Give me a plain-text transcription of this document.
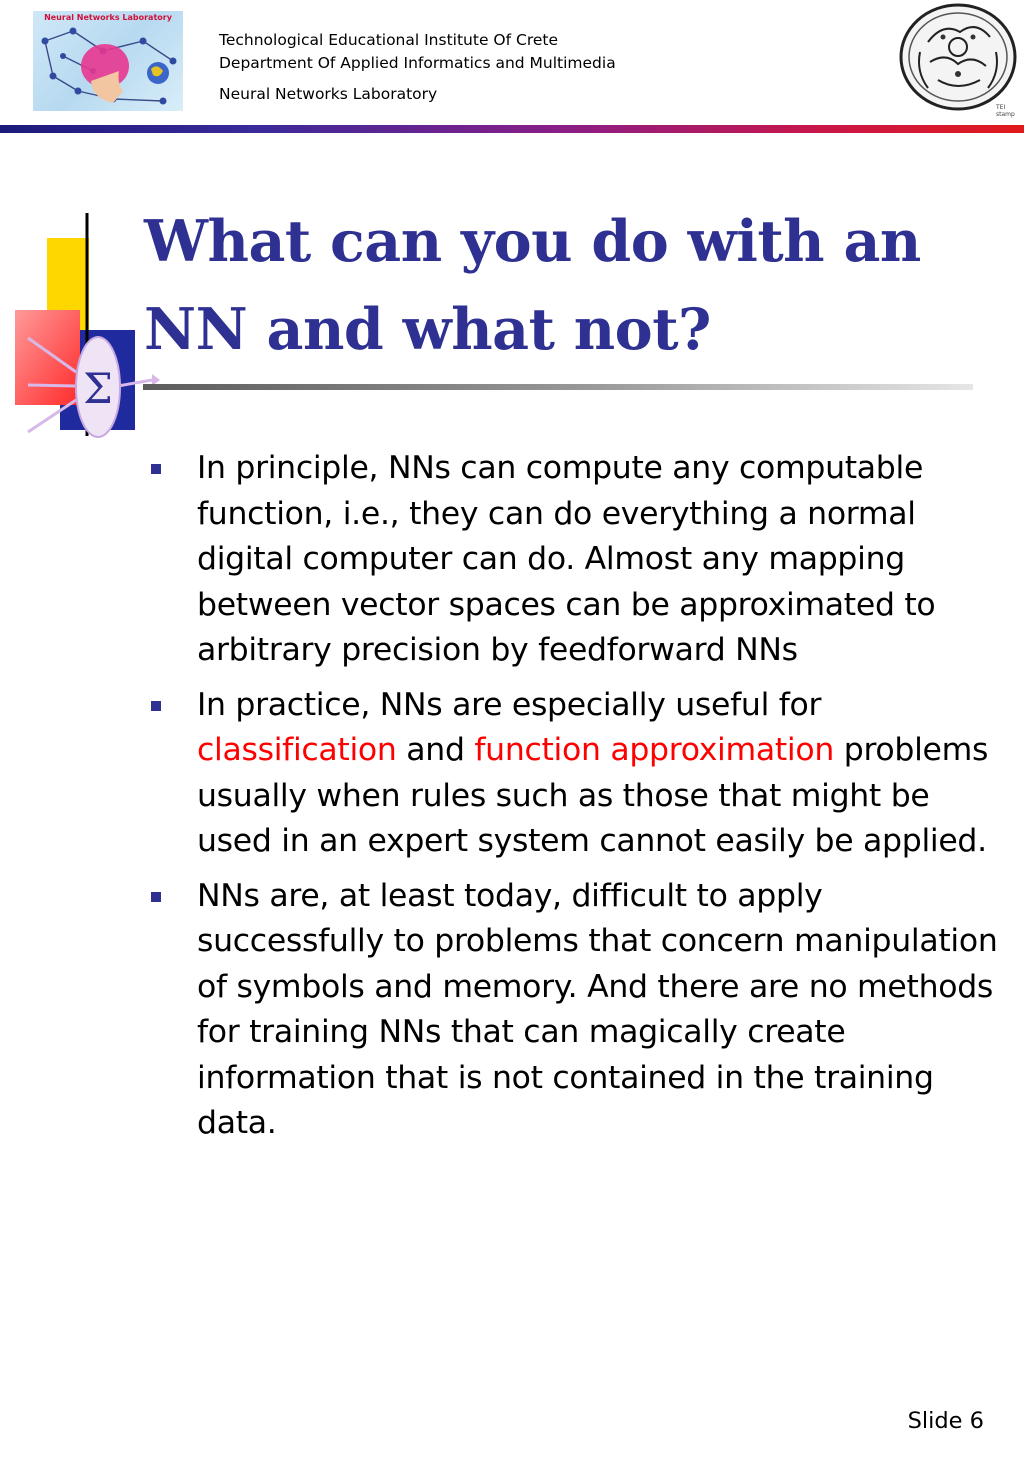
Neural Networks Laboratory
Technological Educational Institute Of Crete
Department Of Applied Informatics and Multimedia
Neural Networks Laboratory
TEI stamp
Σ
What can you do with an
NN and what not?
In principle, NNs can compute any computable function, i.e., they can do everything a normal digital computer can do. Almost any mapping between vector spaces can be approximated to arbitrary precision by feedforward NNs
In practice, NNs are especially useful for classification and function approximation problems usually when rules such as those that might be used in an expert system cannot easily be applied.
NNs are, at least today, difficult to apply successfully to problems that concern manipulation of symbols and memory. And there are no methods for training NNs that can magically create information that is not contained in the training data.
Slide 6
